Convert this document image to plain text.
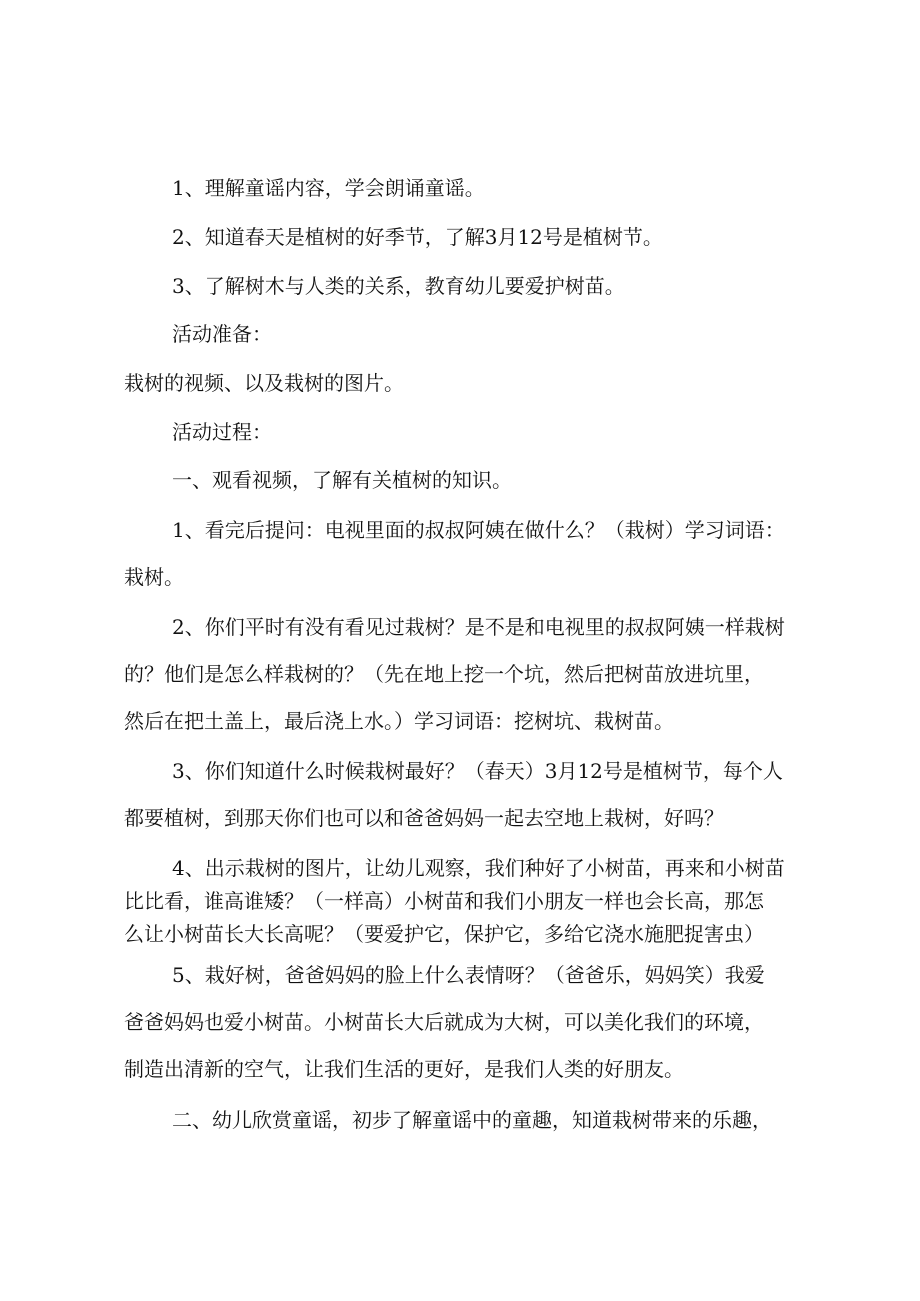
1、理解童谣内容，学会朗诵童谣。

2、知道春天是植树的好季节，了解3月12号是植树节。

3、了解树木与人类的关系，教育幼儿要爱护树苗。

活动准备：

栽树的视频、以及栽树的图片。

活动过程：

一、观看视频，了解有关植树的知识。

1、看完后提问：电视里面的叔叔阿姨在做什么？（栽树）学习词语：
栽树。

2、你们平时有没有看见过栽树？是不是和电视里的叔叔阿姨一样栽树
的？他们是怎么样栽树的？（先在地上挖一个坑，然后把树苗放进坑里，
然后在把土盖上，最后浇上水。）学习词语：挖树坑、栽树苗。

3、你们知道什么时候栽树最好？（春天）3月12号是植树节，每个人
都要植树，到那天你们也可以和爸爸妈妈一起去空地上栽树，好吗？

4、出示栽树的图片，让幼儿观察，我们种好了小树苗，再来和小树苗
比比看，谁高谁矮？（一样高）小树苗和我们小朋友一样也会长高，那怎
么让小树苗长大长高呢？（要爱护它，保护它，多给它浇水施肥捉害虫）

5、栽好树，爸爸妈妈的脸上什么表情呀？（爸爸乐，妈妈笑）我爱
爸爸妈妈也爱小树苗。小树苗长大后就成为大树，可以美化我们的环境，
制造出清新的空气，让我们生活的更好，是我们人类的好朋友。

二、幼儿欣赏童谣，初步了解童谣中的童趣，知道栽树带来的乐趣，
